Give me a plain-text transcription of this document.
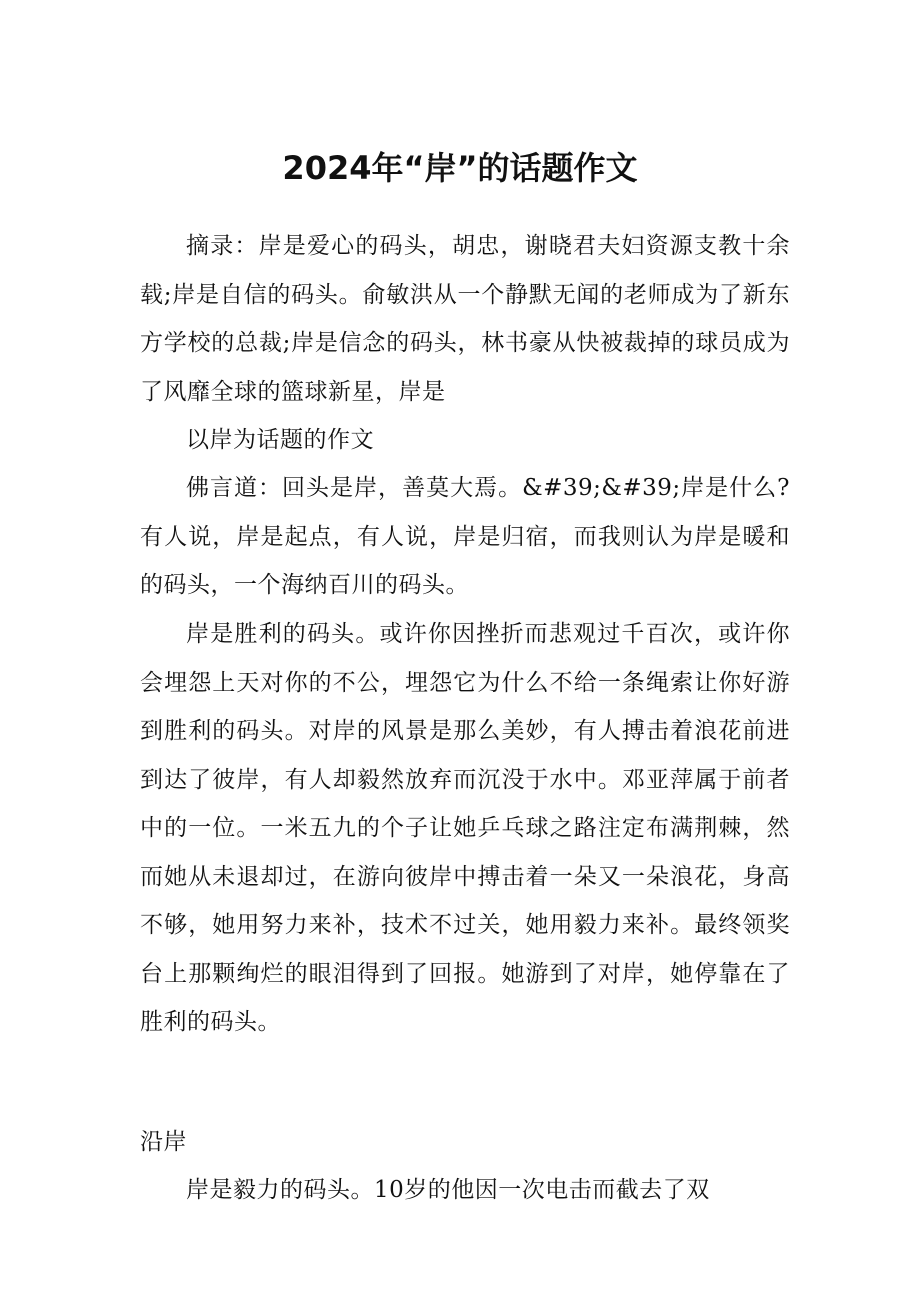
2024年“岸”的话题作文

摘录：岸是爱心的码头，胡忠，谢晓君夫妇资源支教十余载;岸是自信的码头。俞敏洪从一个静默无闻的老师成为了新东方学校的总裁;岸是信念的码头，林书豪从快被裁掉的球员成为了风靡全球的篮球新星，岸是

以岸为话题的作文

佛言道：回头是岸，善莫大焉。&#39;&#39;岸是什么?有人说，岸是起点，有人说，岸是归宿，而我则认为岸是暖和的码头，一个海纳百川的码头。

岸是胜利的码头。或许你因挫折而悲观过千百次，或许你会埋怨上天对你的不公，埋怨它为什么不给一条绳索让你好游到胜利的码头。对岸的风景是那么美妙，有人搏击着浪花前进到达了彼岸，有人却毅然放弃而沉没于水中。邓亚萍属于前者中的一位。一米五九的个子让她乒乓球之路注定布满荆棘，然而她从未退却过，在游向彼岸中搏击着一朵又一朵浪花，身高不够，她用努力来补，技术不过关，她用毅力来补。最终领奖台上那颗绚烂的眼泪得到了回报。她游到了对岸，她停靠在了胜利的码头。

沿岸

岸是毅力的码头。10岁的他因一次电击而截去了双
